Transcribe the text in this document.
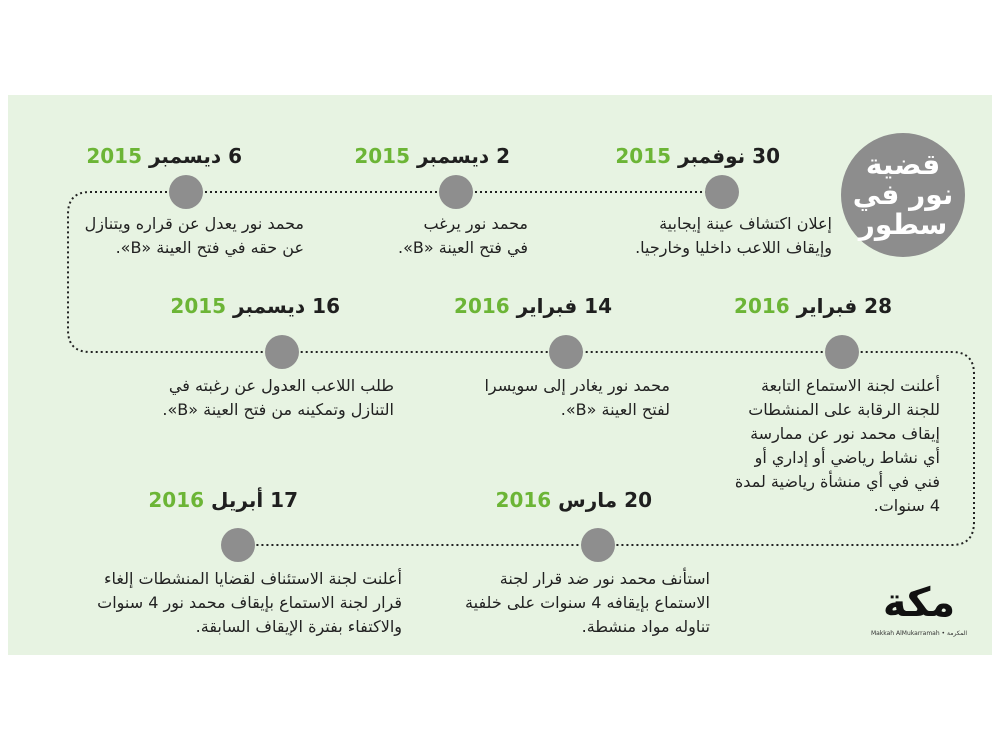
قضية
نور في
سطور
30 نوفمبر 2015
إعلان اكتشاف عينة إيجابية
وإيقاف اللاعب داخليا وخارجيا.
2 ديسمبر 2015
محمد نور يرغب
في فتح العينة «B».
6 ديسمبر 2015
محمد نور يعدل عن قراره ويتنازل
عن حقه في فتح العينة «B».
16 ديسمبر 2015
طلب اللاعب العدول عن رغبته في
التنازل وتمكينه من فتح العينة «B».
14 فبراير 2016
محمد نور يغادر إلى سويسرا
لفتح العينة «B».
28 فبراير 2016
أعلنت لجنة الاستماع التابعة
للجنة الرقابة على المنشطات
إيقاف محمد نور عن ممارسة
أي نشاط رياضي أو إداري أو
فني في أي منشأة رياضية لمدة
4 سنوات.
20 مارس 2016
استأنف محمد نور ضد قرار لجنة
الاستماع بإيقافه 4 سنوات على خلفية
تناوله مواد منشطة.
17 أبريل 2016
أعلنت لجنة الاستئناف لقضايا المنشطات إلغاء
قرار لجنة الاستماع بإيقاف محمد نور 4 سنوات
والاكتفاء بفترة الإيقاف السابقة.
مكة
Makkah AlMukarramah • المكرمة
